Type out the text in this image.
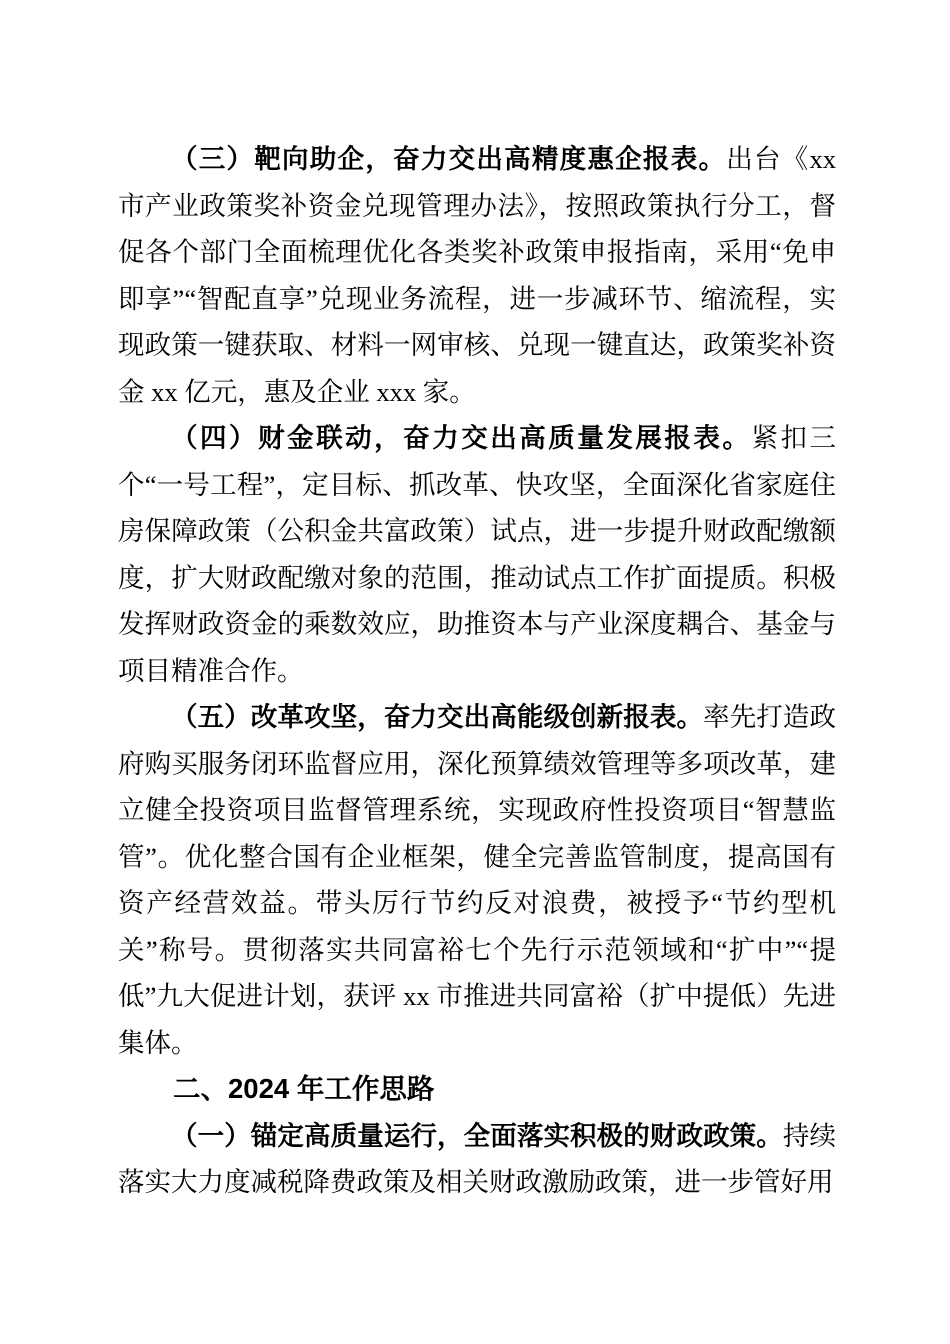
（三）靶向助企，奋力交出高精度惠企报表。出台《xx 市产业政策奖补资金兑现管理办法》，按照政策执行分工，督促各个部门全面梳理优化各类奖补政策申报指南，采用“免申即享”“智配直享”兑现业务流程，进一步减环节、缩流程，实现政策一键获取、材料一网审核、兑现一键直达，政策奖补资金 xx 亿元，惠及企业 xxx 家。

（四）财金联动，奋力交出高质量发展报表。紧扣三个“一号工程”，定目标、抓改革、快攻坚，全面深化省家庭住房保障政策（公积金共富政策）试点，进一步提升财政配缴额度，扩大财政配缴对象的范围，推动试点工作扩面提质。积极发挥财政资金的乘数效应，助推资本与产业深度耦合、基金与项目精准合作。

（五）改革攻坚，奋力交出高能级创新报表。率先打造政府购买服务闭环监督应用，深化预算绩效管理等多项改革，建立健全投资项目监督管理系统，实现政府性投资项目“智慧监管”。优化整合国有企业框架，健全完善监管制度，提高国有资产经营效益。带头厉行节约反对浪费，被授予“节约型机关”称号。贯彻落实共同富裕七个先行示范领域和“扩中”“提低”九大促进计划，获评 xx 市推进共同富裕（扩中提低）先进集体。

二、2024 年工作思路

（一）锚定高质量运行，全面落实积极的财政政策。持续落实大力度减税降费政策及相关财政激励政策，进一步管好用
